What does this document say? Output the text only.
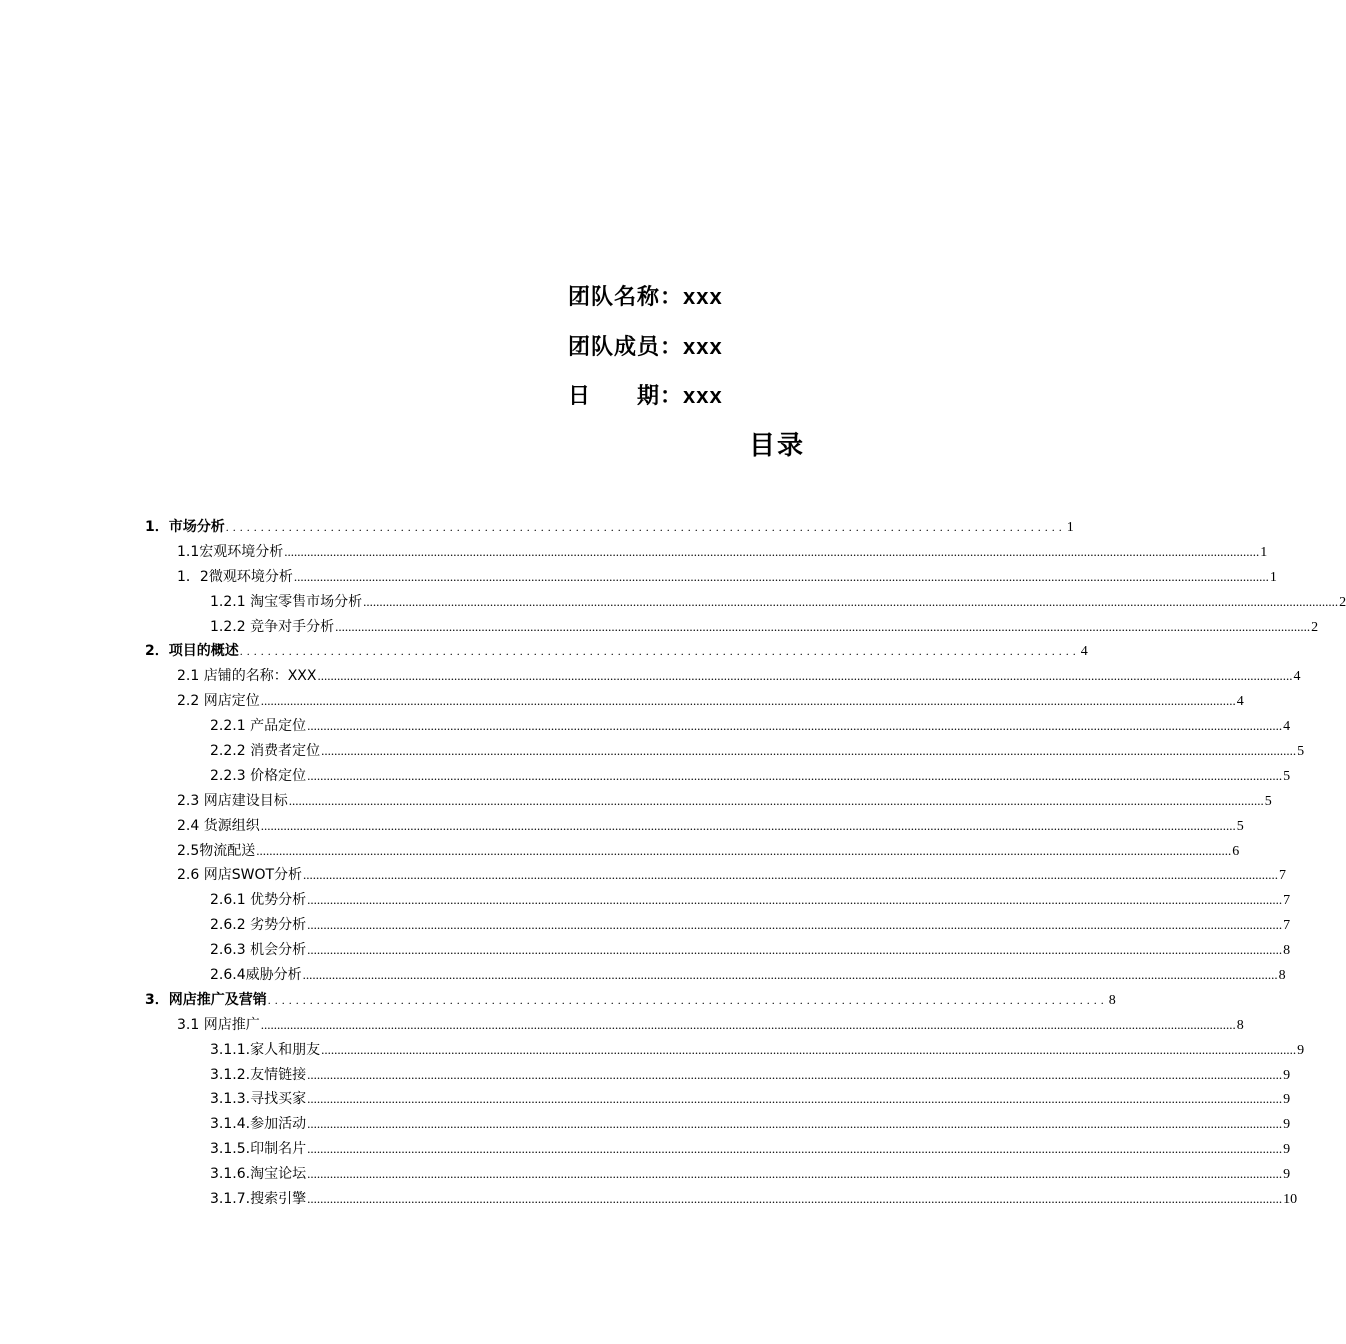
团队名称：xxx
团队成员：xxx
日　　期：xxx
目录
1．市场分析 ........................................................................................................................ 1
1.1宏观环境分析 ............................................................................................................................................................................................................................................................................................................ 1
1．2微观环境分析 ............................................................................................................................................................................................................................................................................................................ 1
1.2.1 淘宝零售市场分析 ............................................................................................................................................................................................................................................................................................................ 2
1.2.2 竞争对手分析 ............................................................................................................................................................................................................................................................................................................ 2
2．项目的概述 ........................................................................................................................ 4
2.1 店铺的名称：XXX ............................................................................................................................................................................................................................................................................................................ 4
2.2 网店定位 ............................................................................................................................................................................................................................................................................................................ 4
2.2.1 产品定位 ............................................................................................................................................................................................................................................................................................................ 4
2.2.2 消费者定位 ............................................................................................................................................................................................................................................................................................................ 5
2.2.3 价格定位 ............................................................................................................................................................................................................................................................................................................ 5
2.3 网店建设目标 ............................................................................................................................................................................................................................................................................................................ 5
2.4 货源组织 ............................................................................................................................................................................................................................................................................................................ 5
2.5物流配送 ............................................................................................................................................................................................................................................................................................................ 6
2.6 网店SWOT分析 ............................................................................................................................................................................................................................................................................................................ 7
2.6.1 优势分析 ............................................................................................................................................................................................................................................................................................................ 7
2.6.2 劣势分析 ............................................................................................................................................................................................................................................................................................................ 7
2.6.3 机会分析 ............................................................................................................................................................................................................................................................................................................ 8
2.6.4威胁分析 ............................................................................................................................................................................................................................................................................................................ 8
3．网店推广及营销 ........................................................................................................................ 8
3.1 网店推广 ............................................................................................................................................................................................................................................................................................................ 8
3.1.1.家人和朋友 ............................................................................................................................................................................................................................................................................................................ 9
3.1.2.友情链接 ............................................................................................................................................................................................................................................................................................................ 9
3.1.3.寻找买家 ............................................................................................................................................................................................................................................................................................................ 9
3.1.4.参加活动 ............................................................................................................................................................................................................................................................................................................ 9
3.1.5.印制名片 ............................................................................................................................................................................................................................................................................................................ 9
3.1.6.淘宝论坛 ............................................................................................................................................................................................................................................................................................................ 9
3.1.7.搜索引擎 ............................................................................................................................................................................................................................................................................................................ 10
